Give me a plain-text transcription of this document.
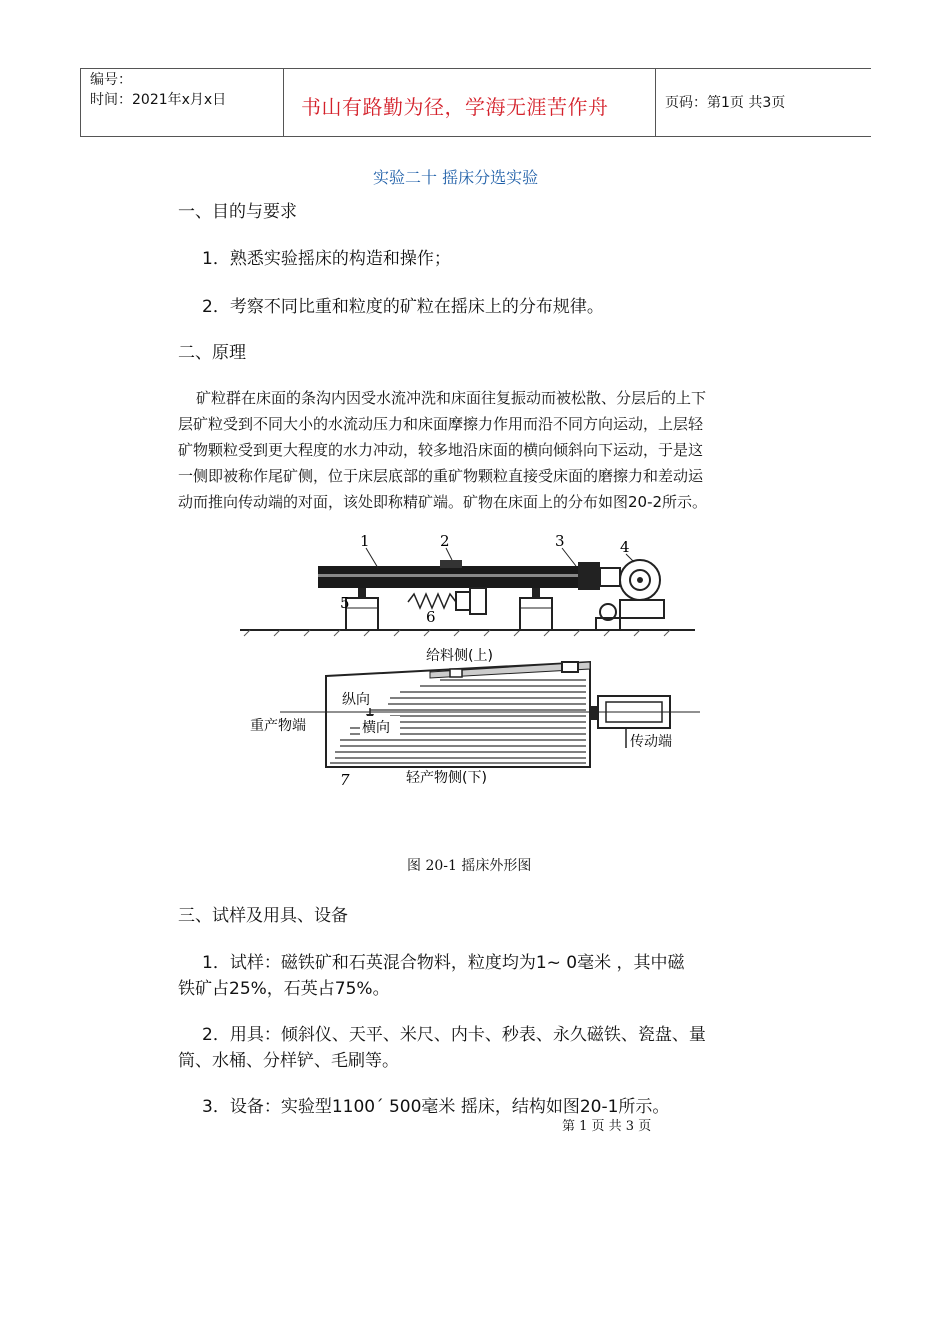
编号：
时间：2021年x月x日	书山有路勤为径，学海无涯苦作舟	页码：第1页 共3页
实验二十 摇床分选实验
一、目的与要求
1．熟悉实验摇床的构造和操作；
2．考察不同比重和粒度的矿粒在摇床上的分布规律。
二、原理
矿粒群在床面的条沟内因受水流冲洗和床面往复振动而被松散、分层后的上下
层矿粒受到不同大小的水流动压力和床面摩擦力作用而沿不同方向运动，上层轻
矿物颗粒受到更大程度的水力冲动，较多地沿床面的横向倾斜向下运动，于是这
一侧即被称作尾矿侧，位于床层底部的重矿物颗粒直接受床面的磨擦力和差动运
动而推向传动端的对面，该处即称精矿端。矿物在床面上的分布如图20-2所示。
1	2	3	4
5
6
给料侧(上)
纵向
横向
重产物端
传动端
7	轻产物侧(下)
图 20-1 摇床外形图
三、试样及用具、设备
1．试样：磁铁矿和石英混合物料，粒度均为1~ 0毫米 ，其中磁
铁矿占25%，石英占75%。
2．用具：倾斜仪、天平、米尺、内卡、秒表、永久磁铁、瓷盘、量
筒、水桶、分样铲、毛刷等。
3．设备：实验型1100´ 500毫米 摇床，结构如图20-1所示。
第 1 页 共 3 页
